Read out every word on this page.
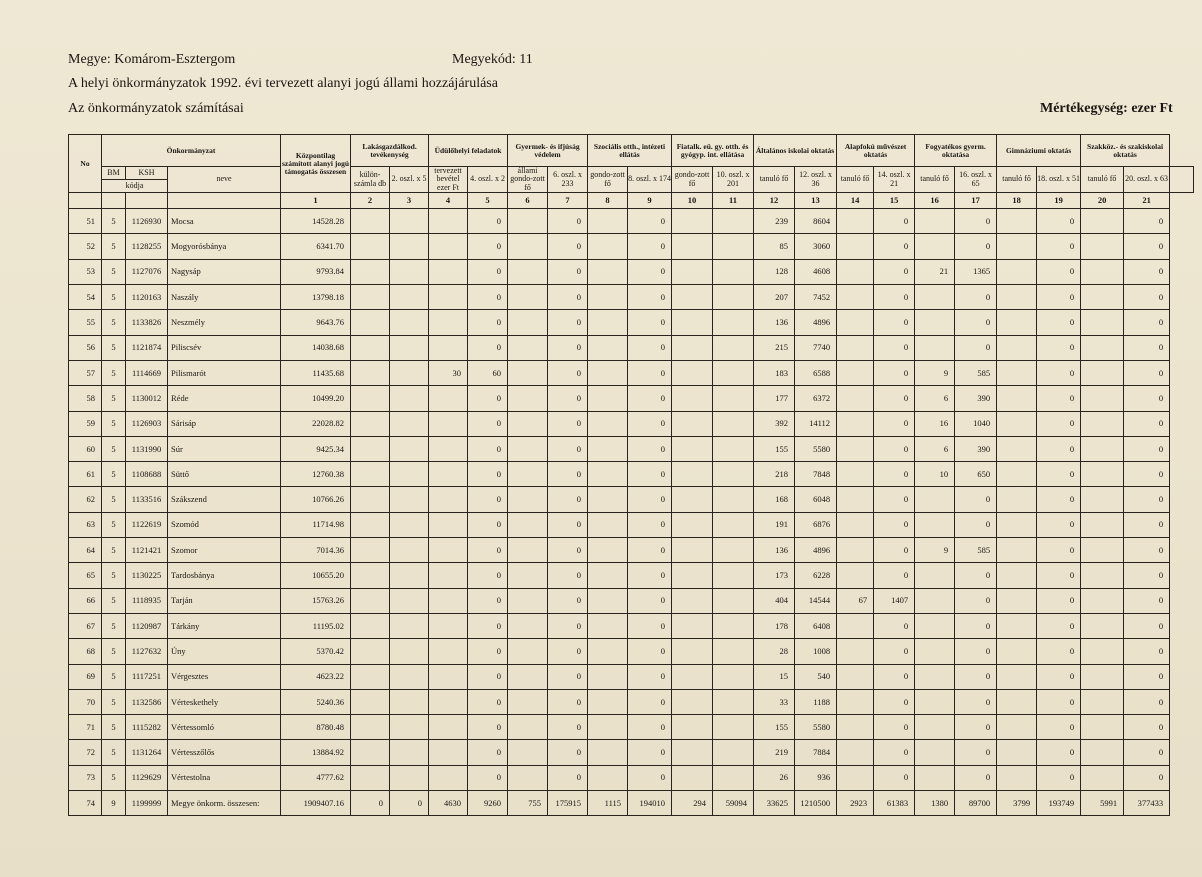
Megye: Komárom-Esztergom	Megyekód: 11
A helyi önkormányzatok 1992. évi tervezett alanyi jogú állami hozzájárulása
Az önkormányzatok számításai	Mértékegység: ezer Ft
No	Önkormányzat			Központilag számított alanyi jogú támogatás összesen	Lakásgazdálkod. tevékenység		Üdülőhelyi feladatok		Gyermek- és ifjúság védelem		Szociális otth., intézeti ellátás		Fiatalk. eü. gy. otth. és gyógyp. int. ellátása		Általános iskolai oktatás		Alapfokú művészet oktatás		Fogyatékos gyerm. oktatása		Gimnáziumi oktatás		Szakköz.- és szakiskolai oktatás		
	BM	KSH	neve		külön-számla db	2. oszl. x 5	tervezett bevétel ezer Ft	4. oszl. x 2	állami gondo-zott fő	6. oszl. x 233	gondo-zott fő	8. oszl. x 174	gondo-zott fő	10. oszl. x 201	tanuló fő	12. oszl. x 36	tanuló fő	14. oszl. x 21	tanuló fő	16. oszl. x 65	tanuló fő	18. oszl. x 51	tanuló fő	20. oszl. x 63	
	kódja																								
				1	2	3	4	5	6	7	8	9	10	11	12	13	14	15	16	17	18	19	20	21	
51	5	1126930	Mocsa	14528.28				0		0		0			239	8604		0		0		0		0	
52	5	1128255	Mogyorósbánya	6341.70				0		0		0			85	3060		0		0		0		0	
53	5	1127076	Nagysáp	9793.84				0		0		0			128	4608		0	21	1365		0		0	
54	5	1120163	Naszály	13798.18				0		0		0			207	7452		0		0		0		0	
55	5	1133826	Neszmély	9643.76				0		0		0			136	4896		0		0		0		0	
56	5	1121874	Piliscsév	14038.68				0		0		0			215	7740		0		0		0		0	
57	5	1114669	Pilismarót	11435.68			30	60		0		0			183	6588		0	9	585		0		0	
58	5	1130012	Réde	10499.20				0		0		0			177	6372		0	6	390		0		0	
59	5	1126903	Sárisáp	22028.82				0		0		0			392	14112		0	16	1040		0		0	
60	5	1131990	Súr	9425.34				0		0		0			155	5580		0	6	390		0		0	
61	5	1108688	Süttő	12760.38				0		0		0			218	7848		0	10	650		0		0	
62	5	1133516	Szákszend	10766.26				0		0		0			168	6048		0		0		0		0	
63	5	1122619	Szomód	11714.98				0		0		0			191	6876		0		0		0		0	
64	5	1121421	Szomor	7014.36				0		0		0			136	4896		0	9	585		0		0	
65	5	1130225	Tardosbánya	10655.20				0		0		0			173	6228		0		0		0		0	
66	5	1118935	Tarján	15763.26				0		0		0			404	14544	67	1407		0		0		0	
67	5	1120987	Tárkány	11195.02				0		0		0			178	6408		0		0		0		0	
68	5	1127632	Úny	5370.42				0		0		0			28	1008		0		0		0		0	
69	5	1117251	Vérgesztes	4623.22				0		0		0			15	540		0		0		0		0	
70	5	1132586	Vérteskethely	5240.36				0		0		0			33	1188		0		0		0		0	
71	5	1115282	Vértessomló	8780.48				0		0		0			155	5580		0		0		0		0	
72	5	1131264	Vértesszőlős	13884.92				0		0		0			219	7884		0		0		0		0	
73	5	1129629	Vértestolna	4777.62				0		0		0			26	936		0		0		0		0	
74	9	1199999	Megye önkorm. összesen:	1909407.16	0	0	4630	9260	755	175915	1115	194010	294	59094	33625	1210500	2923	61383	1380	89700	3799	193749	5991	377433	
